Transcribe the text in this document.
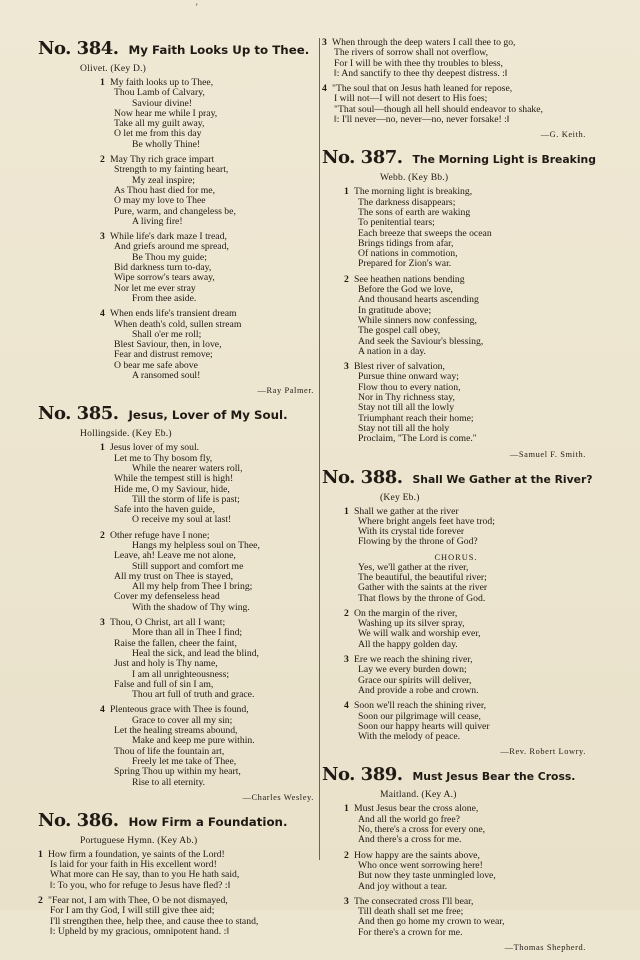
'
No. 384. My Faith Looks Up to Thee.
Olivet. (Key D.)
1 My faith looks up to Thee,
Thou Lamb of Calvary,
Saviour divine!
Now hear me while I pray,
Take all my guilt away,
O let me from this day
Be wholly Thine!
2 May Thy rich grace impart
Strength to my fainting heart,
My zeal inspire;
As Thou hast died for me,
O may my love to Thee
Pure, warm, and changeless be,
A living fire!
3 While life's dark maze I tread,
And griefs around me spread,
Be Thou my guide;
Bid darkness turn to-day,
Wipe sorrow's tears away,
Nor let me ever stray
From thee aside.
4 When ends life's transient dream
When death's cold, sullen stream
Shall o'er me roll;
Blest Saviour, then, in love,
Fear and distrust remove;
O bear me safe above
A ransomed soul!
—Ray Palmer.
No. 385. Jesus, Lover of My Soul.
Hollingside. (Key Eb.)
1 Jesus lover of my soul.
Let me to Thy bosom fly,
While the nearer waters roll,
While the tempest still is high!
Hide me, O my Saviour, hide,
Till the storm of life is past;
Safe into the haven guide,
O receive my soul at last!
2 Other refuge have I none;
Hangs my helpless soul on Thee,
Leave, ah! Leave me not alone,
Still support and comfort me
All my trust on Thee is stayed,
All my help from Thee I bring;
Cover my defenseless head
With the shadow of Thy wing.
3 Thou, O Christ, art all I want;
More than all in Thee I find;
Raise the fallen, cheer the faint,
Heal the sick, and lead the blind,
Just and holy is Thy name,
I am all unrighteousness;
False and full of sin I am,
Thou art full of truth and grace.
4 Plenteous grace with Thee is found,
Grace to cover all my sin;
Let the healing streams abound,
Make and keep me pure within.
Thou of life the fountain art,
Freely let me take of Thee,
Spring Thou up within my heart,
Rise to all eternity.
—Charles Wesley.
No. 386. How Firm a Foundation.
Portuguese Hymn. (Key Ab.)
1 How firm a foundation, ye saints of the Lord!
Is laid for your faith in His excellent word!
What more can He say, than to you He hath said,
‖: To you, who for refuge to Jesus have fled? :‖
2 "Fear not, I am with Thee, O be not dismayed,
For I am thy God, I will still give thee aid;
I'll strengthen thee, help thee, and cause thee to stand,
‖: Upheld by my gracious, omnipotent hand. :‖
3 When through the deep waters I call thee to go,
The rivers of sorrow shall not overflow,
For I will be with thee thy troubles to bless,
‖: And sanctify to thee thy deepest distress. :‖
4 "The soul that on Jesus hath leaned for repose,
I will not—I will not desert to His foes;
"That soul—though all hell should endeavor to shake,
‖: I'll never—no, never—no, never forsake! :‖
—G. Keith.
No. 387. The Morning Light is Breaking
Webb. (Key Bb.)
1 The morning light is breaking,
The darkness disappears;
The sons of earth are waking
To penitential tears;
Each breeze that sweeps the ocean
Brings tidings from afar,
Of nations in commotion,
Prepared for Zion's war.
2 See heathen nations bending
Before the God we love,
And thousand hearts ascending
In gratitude above;
While sinners now confessing,
The gospel call obey,
And seek the Saviour's blessing,
A nation in a day.
3 Blest river of salvation,
Pursue thine onward way;
Flow thou to every nation,
Nor in Thy richness stay,
Stay not till all the lowly
Triumphant reach their home;
Stay not till all the holy
Proclaim, "The Lord is come."
—Samuel F. Smith.
No. 388. Shall We Gather at the River?
(Key Eb.)
1 Shall we gather at the river
Where bright angels feet have trod;
With its crystal tide forever
Flowing by the throne of God?
CHORUS.
Yes, we'll gather at the river,
The beautiful, the beautiful river;
Gather with the saints at the river
That flows by the throne of God.
2 On the margin of the river,
Washing up its silver spray,
We will walk and worship ever,
All the happy golden day.
3 Ere we reach the shining river,
Lay we every burden down;
Grace our spirits will deliver,
And provide a robe and crown.
4 Soon we'll reach the shining river,
Soon our pilgrimage will cease,
Soon our happy hearts will quiver
With the melody of peace.
—Rev. Robert Lowry.
No. 389. Must Jesus Bear the Cross.
Maitland. (Key A.)
1 Must Jesus bear the cross alone,
And all the world go free?
No, there's a cross for every one,
And there's a cross for me.
2 How happy are the saints above,
Who once went sorrowing here!
But now they taste unmingled love,
And joy without a tear.
3 The consecrated cross I'll bear,
Till death shall set me free;
And then go home my crown to wear,
For there's a crown for me.
—Thomas Shepherd.
